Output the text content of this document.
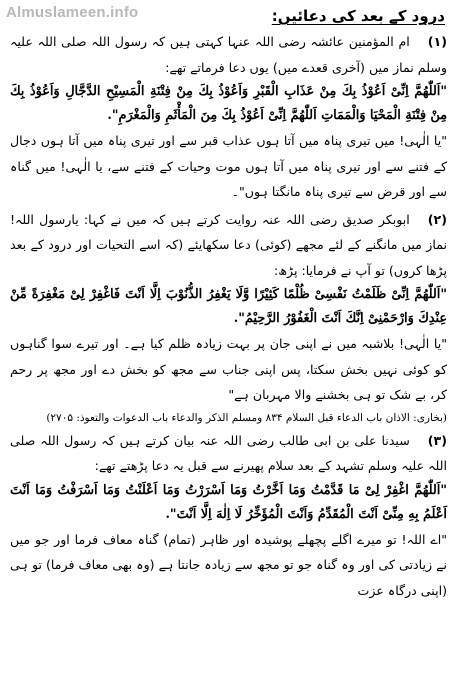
Almuslameen.info	درود کے بعد کی دعائیں:

(۱)ام المؤمنین عائشہ رضی اللہ عنہا کہتی ہیں کہ رسول اللہ صلی اللہ علیہ وسلم نماز میں (آخری قعدے میں) یوں دعا فرماتے تھے:

"اَللّٰهُمَّ اِنِّیْ اَعُوْذُ بِكَ مِنْ عَذَابِ الْقَبْرِ وَاَعُوْذُ بِكَ مِنْ فِتْنَةِ الْمَسِيْحِ الدَّجَّالِ وَاَعُوْذُ بِكَ مِنْ فِتْنَةِ الْمَحْيَا وَالْمَمَاتِ اَللّٰهُمَّ اِنِّیْ اَعُوْذُ بِكَ مِنَ الْمَأْثَمِ وَالْمَغْرَمِ".

"یا الٰہی! میں تیری پناہ میں آتا ہوں عذاب قبر سے اور تیری پناہ میں آتا ہوں دجال کے فتنے سے اور تیری پناہ میں آتا ہوں موت وحیات کے فتنے سے، یا الٰہی! میں گناہ سے اور قرض سے تیری پناہ مانگتا ہوں"۔

(۲)ابوبکر صدیق رضی اللہ عنہ روایت کرتے ہیں کہ میں نے کہا: یارسول اللہ! نماز میں مانگنے کے لئے مجھے (کوئی) دعا سکھایئے (کہ اسے التحیات اور درود کے بعد پڑھا کروں) تو آپ نے فرمایا: پڑھ:

"اَللّٰهُمَّ اِنِّیْ ظَلَمْتُ نَفْسِیْ ظُلْمًا كَثِيْرًا وَّلَا يَغْفِرُ الذُّنُوْبَ اِلَّا اَنْتَ فَاغْفِرْ لِیْ مَغْفِرَةً مِّنْ عِنْدِكَ وَارْحَمْنِیْ اِنَّكَ اَنْتَ الْغَفُوْرُ الرَّحِيْمُ".

"یا الٰہی! بلاشبہ میں نے اپنی جان پر بہت زیادہ ظلم کیا ہے۔ اور تیرے سوا گناہوں کو کوئی نہیں بخش سکتا، پس اپنی جناب سے مجھ کو بخش دے اور مجھ پر رحم کر، بے شک تو ہی بخشنے والا مہربان ہے"

(بخاری: الاذان باب الدعاء قبل السلام ۸۳۴ ومسلم الذکر والدعاء باب الدعوات والتعوذ: ۲۷۰۵)

(۳)سیدنا علی بن ابی طالب رضی اللہ عنہ بیان کرتے ہیں کہ رسول اللہ صلی اللہ علیہ وسلم تشہد کے بعد سلام پھیرنے سے قبل یہ دعا پڑھتے تھے:

"اَللّٰهُمَّ اغْفِرْ لِیْ مَا قَدَّمْتُ وَمَا اَخَّرْتُ وَمَا اَسْرَرْتُ وَمَا اَعْلَنْتُ وَمَا اَسْرَفْتُ وَمَا اَنْتَ اَعْلَمُ بِهِ مِنِّیْ اَنْتَ الْمُقَدِّمُ وَاَنْتَ الْمُؤَخِّرُ لَا اِلٰهَ اِلَّا اَنْتَ".

"اے اللہ! تو میرے اگلے پچھلے پوشیدہ اور ظاہر (تمام) گناہ معاف فرما اور جو میں نے زیادتی کی اور وہ گناہ جو تو مجھ سے زیادہ جانتا ہے (وہ بھی معاف فرما) تو ہی (اپنی درگاہ عزت
